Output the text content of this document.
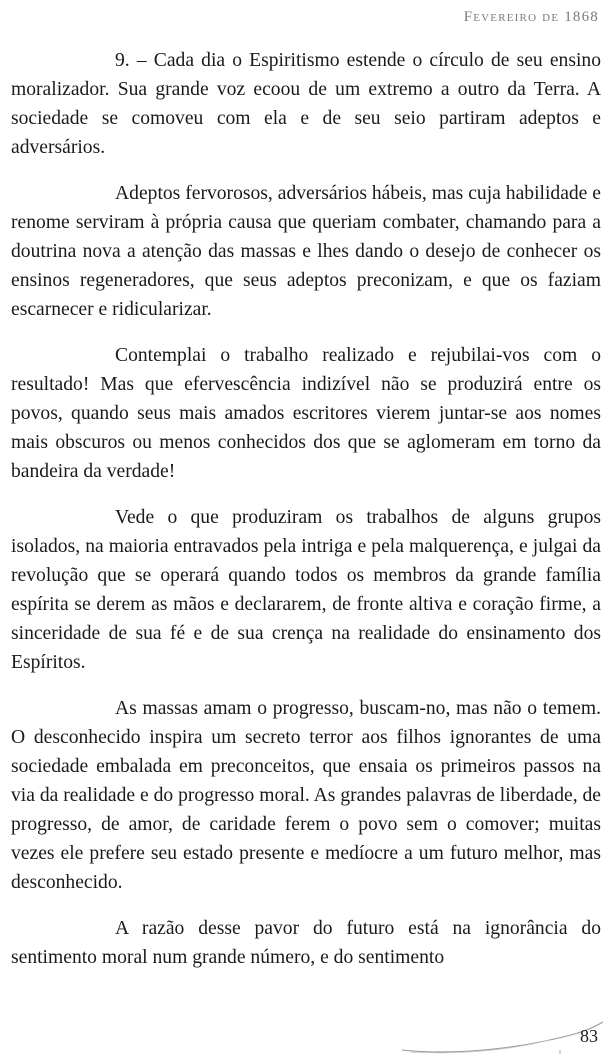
Fevereiro de 1868

9. – Cada dia o Espiritismo estende o círculo de seu ensino moralizador. Sua grande voz ecoou de um extremo a outro da Terra. A sociedade se comoveu com ela e de seu seio partiram adeptos e adversários.

Adeptos fervorosos, adversários hábeis, mas cuja habilidade e renome serviram à própria causa que queriam combater, chamando para a doutrina nova a atenção das massas e lhes dando o desejo de conhecer os ensinos regeneradores, que seus adeptos preconizam, e que os faziam escarnecer e ridicularizar.

Contemplai o trabalho realizado e rejubilai-vos com o resultado! Mas que efervescência indizível não se produzirá entre os povos, quando seus mais amados escritores vierem juntar-se aos nomes mais obscuros ou menos conhecidos dos que se aglomeram em torno da bandeira da verdade!

Vede o que produziram os trabalhos de alguns grupos isolados, na maioria entravados pela intriga e pela malquerença, e julgai da revolução que se operará quando todos os membros da grande família espírita se derem as mãos e declararem, de fronte altiva e coração firme, a sinceridade de sua fé e de sua crença na realidade do ensinamento dos Espíritos.

As massas amam o progresso, buscam-no, mas não o temem. O desconhecido inspira um secreto terror aos filhos ignorantes de uma sociedade embalada em preconceitos, que ensaia os primeiros passos na via da realidade e do progresso moral. As grandes palavras de liberdade, de progresso, de amor, de caridade ferem o povo sem o comover; muitas vezes ele prefere seu estado presente e medíocre a um futuro melhor, mas desconhecido.

A razão desse pavor do futuro está na ignorância do sentimento moral num grande número, e do sentimento

83
